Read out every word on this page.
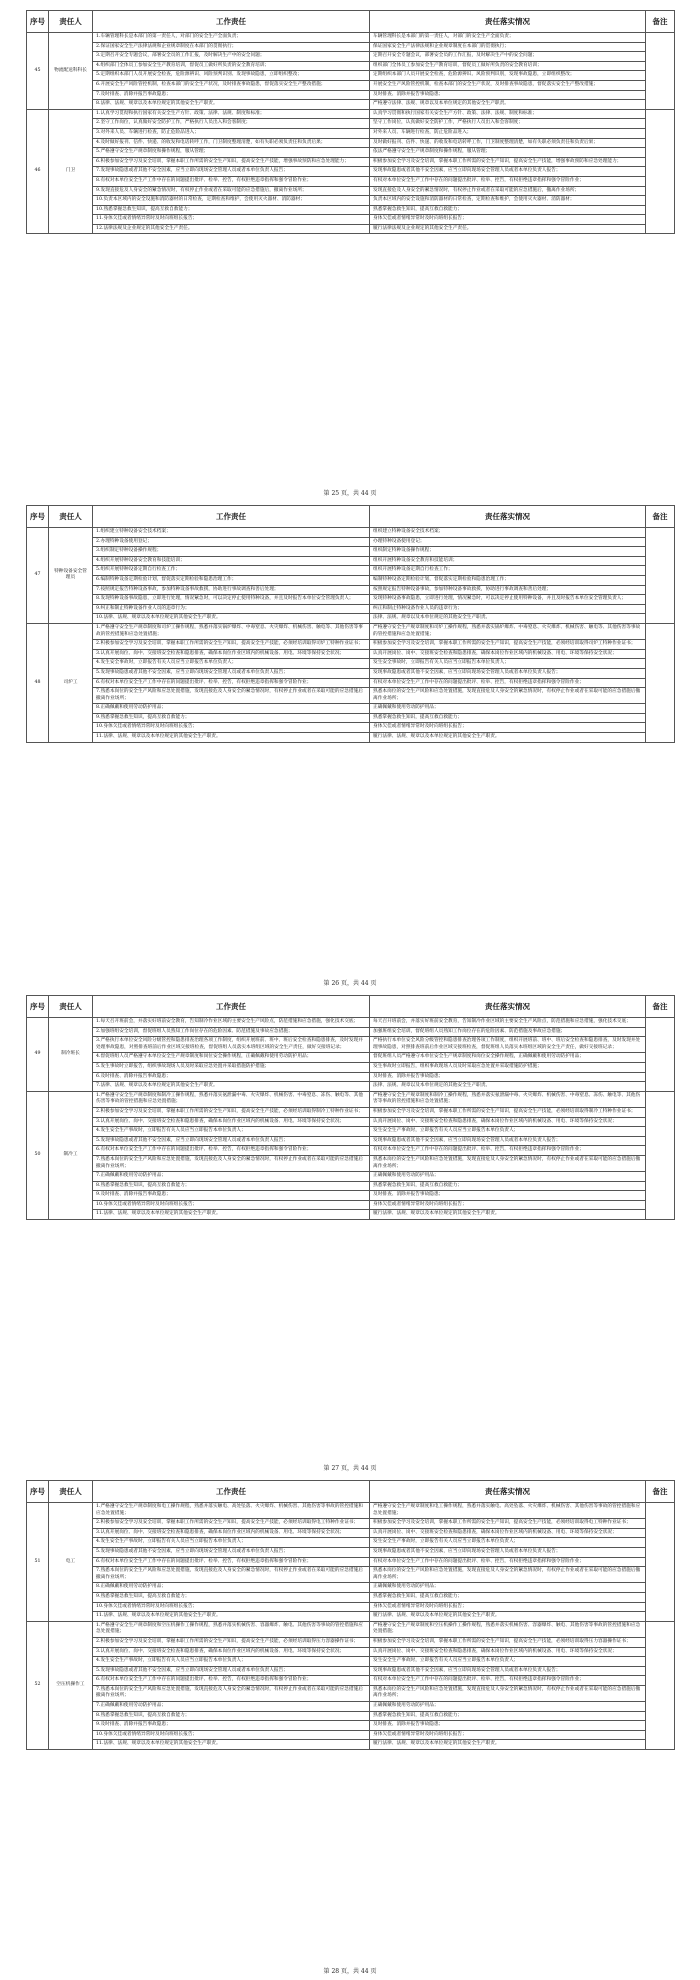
序号	责任人	工作责任	责任落实情况	备注
45	物流配送科科长	1.车辆管理科长是本部门的第一责任人，对部门的安全生产全面负责；	车辆管理科长是本部门的第一责任人，对部门的安全生产全面负责；	
		2.保证国家安全生产法律法规和企业规章制度在本部门的贯彻执行；	保证国家安全生产法律法规和企业规章制度在本部门的贯彻执行；	
		3.定期召开安全专题会议，部署安全员的工作汇报，及时解决生产中的安全问题；	定期召开安全专题会议，部署安全员的工作汇报，及时解决生产中的安全问题；	
		4.组织部门全体员工参加安全生产教育培训，督促员工做好所负责的安全教育培训；	组织部门全体员工参加安全生产教育培训，督促员工做好所负责的安全教育培训；	
		5.定期组织本部门人员开展安全检查，危险源辨识、风险预判识别、发现事故隐患，立即组织整改；	定期组织本部门人员开展安全检查，危险源辨识、风险预判识别，发现事故隐患，立即组织整改；	
		6.开展安全生产风险管控机制，检查本部门的安全生产状况，及时排查事故隐患，督促落实安全生产整改措施；	开展安全生产风险管控机制，检查本部门的安全生产状况，及时排查事故隐患，督促落实安全生产整改措施；	
		7.及时排查、消除并报告事故隐患；	及时排查、消除并报告事故隐患；	
		8.法律、法规、规章以及本单位规定的其他安全生产职责。	严格遵守法律、法规、规章以及本单位规定的其他安全生产职责。	
46	门卫	1.认真学习贯彻和执行国家有关安全生产方针、政策、法律、法规、制度和标准；	认真学习贯彻和执行国家有关安全生产方针、政策、法律、法规、制度和标准；	
		2.坚守工作岗位，认真做好安全防护工作，严格执行人员出入和会客制度；	坚守工作岗位，认真做好安全防护工作，严格执行人员出入和会客制度；	
		3.对外来人员、车辆进行检查，防止危险品进入；	对外来人员、车辆进行检查，防止危险品进入；	
		4.及时做好报刊、信件、快递、的收发和电话转呼工作，门卫制度整理清楚，如有失职必须负责任和负责后果；	及时做好报刊、信件、快递、的收发和电话转呼工作，门卫制度整理清楚，如有失职必须负责任和负责后果；	
		5.严格遵守安全生产规章制度和操作规程，服从管理；	依法严格遵守安全生产规章制度和操作规程，服从管理；	
		6.积极参加安全学习及安全培训，掌握本职工作所需的安全生产知识，提高安全生产技能，增强事故预防和应急处理能力；	积极参加安全学习及安全培训，掌握本职工作所需的安全生产知识，提高安全生产技能，增强事故预防和应急处理能力；	
		7.发现事故隐患或者其他不安全因素，应当立即向现场安全管理人员或者本单位负责人报告；	发现事故隐患或者其他不安全因素，应当立即向现场安全管理人员或者本单位负责人报告；	
		8.有权对本单位安全生产工作中存在的问题提出批评、检举、控告，有权拒绝违章指挥和强令冒险作业；	有权对本单位安全生产工作中存在的问题提出批评、检举、控告，有权拒绝违章指挥和强令冒险作业；	
		9.发现直接危及人身安全的紧急情况时，有权停止作业或者在采取可能的应急措施后，撤离作业场所；	发现直接危及人身安全的紧急情况时，有权停止作业或者在采取可能的应急措施后，撤离作业场所；	
		10.负责本区域内的安全设施和消防器材的日常检查，定期检查和维护，会使用灭火器材、消防器材；	负责本区域内的安全设施和消防器材的日常检查，定期检查和维护，会使用灭火器材、消防器材；	
		10.熟悉掌握急救生知识，提高互救自救能力；	熟悉掌握急救生知识，提高互救自救能力；	
		11.身体欠佳或者情绪异常时及时向班组长报告；	身体欠佳或者情绪异常时及时向班组长报告；	
		12.法律法规及企业规定的其他安全生产责任。	履行法律法规及企业规定的其他安全生产责任。	
第 25 页，共 44 页
序号	责任人	工作责任	责任落实情况	备注
47	特种设备安全管理员	1.组织建立特种设备安全技术档案；	组织建立特种设备安全技术档案；	
		2.办理特种设备使用登记；	办理特种设备使用登记；	
		3.组织制定特种设备操作规程；	组织制定特种设备操作规程；	
		4.组织开展特种设备安全教育和技能培训；	组织开展特种设备安全教育和技能培训；	
		5.组织开展特种设备定期自行检查工作；	组织开展特种设备定期自行检查工作；	
		6.编制特种设备定期检验计划，督促落实定期检验和隐患治理工作；	编制特种设备定期检验计划，督促落实定期检验和隐患治理工作；	
		7.按照规定报告特种设备事故，参加特种设备事故救援，协助进行事故调查和善后处理；	按照规定报告特种设备事故，参加特种设备事故救援，协助进行事故调查和善后处理；	
		8.发现特种设备事故隐患，立即进行处理，情况紧急时，可以决定停止使用特种设备，并且及时报告本单位安全管理负责人；	发现特种设备事故隐患，立即进行处理，情况紧急时，可以决定停止使用特种设备，并且及时报告本单位安全管理负责人；	
		9.纠正和制止特种设备作业人员的违章行为；	纠正和制止特种设备作业人员的违章行为；	
		10.法律、法规、规章以及本单位规定的其他安全生产职责。	法律、法规、规章以及本单位规定的其他安全生产职责。	
48	司炉工	1.严格遵守安全生产规章制度和司炉工操作规程，熟悉并落实锅炉爆炸、中毒窒息、火灾爆炸、机械伤害、触电等、其他伤害等事故的管控措施和应急处置措施；	严格遵守安全生产规章制度和司炉工操作规程，熟悉并落实锅炉爆炸、中毒窒息、火灾爆炸、机械伤害、触电等、其他伤害等事故的管控措施和应急处置措施；	
		2.积极参加安全学习及安全培训，掌握本职工作所需的安全生产知识，提高安全生产技能，必须经培训取得司炉工特种作业证书；	积极参加安全学习及安全培训，掌握本职工作所需的安全生产知识，提高安全生产技能，必须经培训取得司炉工特种作业证书；	
		3.认真开展岗位、岗中、交接班安全检查和隐患排查，确保本岗位作业区域内的机械设备、用电、环境等保持安全状况；	认真开展岗位、岗中、交接班安全检查和隐患排查，确保本岗位作业区域内的机械设备、用电、环境等保持安全状况；	
		4.发生安全事故时，立即报告有关人员应当立即报告本单位负责人；	发生安全事故时，立即报告有关人员应当立即报告本单位负责人；	
		5.发现事故隐患或者其他不安全因素，应当立即向现场安全管理人员或者本单位负责人报告；	发现事故隐患或者其他不安全因素，应当立即向现场安全管理人员或者本单位负责人报告；	
		6.有权对本单位安全生产工作中存在的问题提出批评、检举、控告，有权拒绝违章指挥和强令冒险作业；	有权对本单位安全生产工作中存在的问题提出批评、检举、控告，有权拒绝违章指挥和强令冒险作业；	
		7.熟悉本岗位的安全生产风险和应急处置措施，发现直接危及人身安全的紧急情况时，有权停止作业或者在采取可能的应急措施后撤离作业场所；	熟悉本岗位的安全生产风险和应急处置措施，发现直接危及人身安全的紧急情况时，有权停止作业或者在采取可能的应急措施后撤离作业场所；	
		8.正确佩戴和使用劳动防护用品；	正确佩戴和使用劳动防护用品；	
		9.熟悉掌握急救生知识，提高互救自救能力；	熟悉掌握急救生知识，提高互救自救能力；	
		10.身体欠佳或者情绪异常时及时向班组长报告；	身体欠佳或者情绪异常时及时向班组长报告；	
		11.法律、法规、规章以及本单位规定的其他安全生产职责。	履行法律、法规、规章以及本单位规定的其他安全生产职责。	
第 26 页，共 44 页
序号	责任人	工作责任	责任落实情况	备注
49	制冷班长	1.每天召开班前会，并落实好班前安全教育，告知制冷作业区域的主要安全生产风险点，防范措施和应急措施，强化技术交底；	每天召开班前会，并落实好班前安全教育，告知制冷作业区域的主要安全生产风险点，防范措施和应急措施，强化技术交底；	
		2.加强班组安全培训，督促班组人员熟知工作岗位存在的危险因素、防范措施及事故应急措施；	加强班组安全培训，督促班组人员熟知工作岗位存在的危险因素、防范措施及事故应急措施；	
		3.严格执行本单位安全风险分级管控和隐患排查治理各项工作制度，组织开展班前、班中、班后安全检查和隐患排查，及时发现并处理事故隐患，对照排查班前后作业区域交接班检查，督促班组人员落实本班组区域的安全生产责任，做好交接班记录；	严格执行本单位安全风险分级管控和隐患排查治理各项工作制度，组织开展班前、班中、班后安全检查和隐患排查，及时发现并处理事故隐患，对照排查班前后作业区域交接班检查，督促班组人员落实本班组区域的安全生产责任，做好交接班记录；	
		4.督促班组人员严格遵守本单位安全生产规章制度和岗位安全操作规程，正确佩戴和使用劳动防护用品；	督促班组人员严格遵守本单位安全生产规章制度和岗位安全操作规程，正确佩戴和使用劳动防护用品；	
		5.发生事故时立即报告，组织事故现场人员及时采取应急处置并采取措施防护措施；	发生事故时立即报告，组织事故现场人员及时采取应急处置并采取措施防护措施；	
		6.及时排查、消除并报告事故隐患；	及时排查、消除并报告事故隐患；	
		7.法律、法规、规章以及本单位规定的其他安全生产职责。	法律、法规、规章以及本单位规定的其他安全生产职责。	
50	制冷工	1.严格遵守安全生产规章制度和制冷工操作规程，熟悉并落实氨泄漏中毒、火灾爆炸、机械伤害、中毒窒息、冻伤、触电等、其他伤害等事故的管控措施和应急处置措施；	严格遵守安全生产规章制度和制冷工操作规程，熟悉并落实氨泄漏中毒、火灾爆炸、机械伤害、中毒窒息、冻伤、触电等、其他伤害等事故的管控措施和应急处置措施；	
		2.积极参加安全学习及安全培训，掌握本职工作所需的安全生产知识，提高安全生产技能，必须经培训取得制冷工特种作业证书；	积极参加安全学习及安全培训，掌握本职工作所需的安全生产知识，提高安全生产技能，必须经培训取得制冷工特种作业证书；	
		3.认真开展岗位、岗中、交接班安全检查和隐患排查，确保本岗位作业区域内的机械设备、用电、环境等保持安全状况；	认真开展岗位、岗中、交接班安全检查和隐患排查，确保本岗位作业区域内的机械设备、用电、环境等保持安全状况；	
		4.发生安全生产事故时，立即报告有关人员应当立即报告本单位负责人；	发生安全生产事故时，立即报告有关人员应当立即报告本单位负责人；	
		5.发现事故隐患或者其他不安全因素，应当立即向现场安全管理人员或者本单位负责人报告；	发现事故隐患或者其他不安全因素，应当立即向现场安全管理人员或者本单位负责人报告；	
		6.有权对本单位安全生产工作中存在的问题提出批评、检举、控告，有权拒绝违章指挥和强令冒险作业；	有权对本单位安全生产工作中存在的问题提出批评、检举、控告，有权拒绝违章指挥和强令冒险作业；	
		7.熟悉本岗位的安全生产风险和应急处置措施，发现直接危及人身安全的紧急情况时，有权停止作业或者在采取可能的应急措施后撤离作业场所；	熟悉本岗位的安全生产风险和应急处置措施，发现直接危及人身安全的紧急情况时，有权停止作业或者在采取可能的应急措施后撤离作业场所；	
		7.正确佩戴和使用劳动防护用品；	正确佩戴和使用劳动防护用品；	
		8.熟悉掌握急救生知识，提高互救自救能力；	熟悉掌握急救生知识，提高互救自救能力；	
		9.及时排查、消除并报告事故隐患；	及时排查、消除并报告事故隐患；	
		10.身体欠佳或者情绪异常时及时向班组长报告；	身体欠佳或者情绪异常时及时向班组长报告；	
		11.法律、法规、规章以及本单位规定的其他安全生产职责。	履行法律、法规、规章以及本单位规定的其他安全生产职责。	
第 27 页，共 44 页
序号	责任人	工作责任	责任落实情况	备注
51	电工	1.严格遵守安全生产规章制度和电工操作规程，熟悉并落实触电、高处坠落、火灾爆炸、机械伤害、其他伤害等事故的管控措施和应急处置措施；	严格遵守安全生产规章制度和电工操作规程，熟悉并落实触电、高处坠落、火灾爆炸、机械伤害、其他伤害等事故的管控措施和应急处置措施；	
		2.积极参加安全学习及安全培训，掌握本职工作所需的安全生产知识，提高安全生产技能，必须经培训取得电工特种作业证书；	积极参加安全学习及安全培训，掌握本职工作所需的安全生产知识，提高安全生产技能，必须经培训取得电工特种作业证书；	
		3.认真开展岗位、岗中、交接班安全检查和隐患排查，确保本岗位作业区域内的机械设备、用电、环境等保持安全状况；	认真开展岗位、岗中、交接班安全检查和隐患排查，确保本岗位作业区域内的机械设备、用电、环境等保持安全状况；	
		4.发生安全生产事故时，立即报告有关人员应当立即报告本单位负责人；	发生安全生产事故时，立即报告有关人员应当立即报告本单位负责人；	
		5.发现事故隐患或者其他不安全因素，应当立即向现场安全管理人员或者本单位负责人报告；	发现事故隐患或者其他不安全因素，应当立即向现场安全管理人员或者本单位负责人报告；	
		6.有权对本单位安全生产工作中存在的问题提出批评、检举、控告，有权拒绝违章指挥和强令冒险作业；	有权对本单位安全生产工作中存在的问题提出批评、检举、控告，有权拒绝违章指挥和强令冒险作业；	
		7.熟悉本岗位的安全生产风险和应急处置措施，发现直接危及人身安全的紧急情况时，有权停止作业或者在采取可能的应急措施后撤离作业场所；	熟悉本岗位的安全生产风险和应急处置措施，发现直接危及人身安全的紧急情况时，有权停止作业或者在采取可能的应急措施后撤离作业场所；	
		8.正确佩戴和使用劳动防护用品；	正确佩戴和使用劳动防护用品；	
		9.熟悉掌握急救生知识，提高互救自救能力；	熟悉掌握急救生知识，提高互救自救能力；	
		10.身体欠佳或者情绪异常时及时向班组长报告；	身体欠佳或者情绪异常时及时向班组长报告；	
		11.法律、法规、规章以及本单位规定的其他安全生产职责。	履行法律、法规、规章以及本单位规定的其他安全生产职责。	
52	空压机操作工	1.严格遵守安全生产规章制度和空压机操作工操作规程，熟悉并落实机械伤害、容器爆炸、触电、其他伤害等事故的管控措施和应急处置措施；	严格遵守安全生产规章制度和空压机操作工操作规程，熟悉并落实机械伤害、容器爆炸、触电、其他伤害等事故的管控措施和应急处置措施；	
		2.积极参加安全学习及安全培训，掌握本职工作所需的安全生产知识，提高安全生产技能，必须经培训取得压力容器操作证书；	积极参加安全学习及安全培训，掌握本职工作所需的安全生产知识，提高安全生产技能，必须经培训取得压力容器操作证书；	
		3.认真开展岗位、岗中、交接班安全检查和隐患排查，确保本岗位作业区域内的机械设备、用电、环境等保持安全状况；	认真开展岗位、岗中、交接班安全检查和隐患排查，确保本岗位作业区域内的机械设备、用电、环境等保持安全状况；	
		4.发生安全生产事故时，立即报告有关人员应当立即报告本单位负责人；	发生安全生产事故时，立即报告有关人员应当立即报告本单位负责人；	
		5.发现事故隐患或者其他不安全因素，应当立即向现场安全管理人员或者本单位负责人报告；	发现事故隐患或者其他不安全因素，应当立即向现场安全管理人员或者本单位负责人报告；	
		6.有权对本单位安全生产工作中存在的问题提出批评、检举、控告，有权拒绝违章指挥和强令冒险作业；	有权对本单位安全生产工作中存在的问题提出批评、检举、控告，有权拒绝违章指挥和强令冒险作业；	
		7.熟悉本岗位的安全生产风险和应急处置措施，发现直接危及人身安全的紧急情况时，有权停止作业或者在采取可能的应急措施后撤离作业场所；	熟悉本岗位的安全生产风险和应急处置措施，发现直接危及人身安全的紧急情况时，有权停止作业或者在采取可能的应急措施后撤离作业场所；	
		7.正确佩戴和使用劳动防护用品；	正确佩戴和使用劳动防护用品；	
		8.熟悉掌握急救生知识，提高互救自救能力；	熟悉掌握急救生知识，提高互救自救能力；	
		9.及时排查、消除并报告事故隐患；	及时排查、消除并报告事故隐患；	
		10.身体欠佳或者情绪异常时及时向班组长报告；	身体欠佳或者情绪异常时及时向班组长报告；	
		11.法律、法规、规章以及本单位规定的其他安全生产职责。	履行法律、法规、规章以及本单位规定的其他安全生产职责。	
第 28 页，共 44 页
